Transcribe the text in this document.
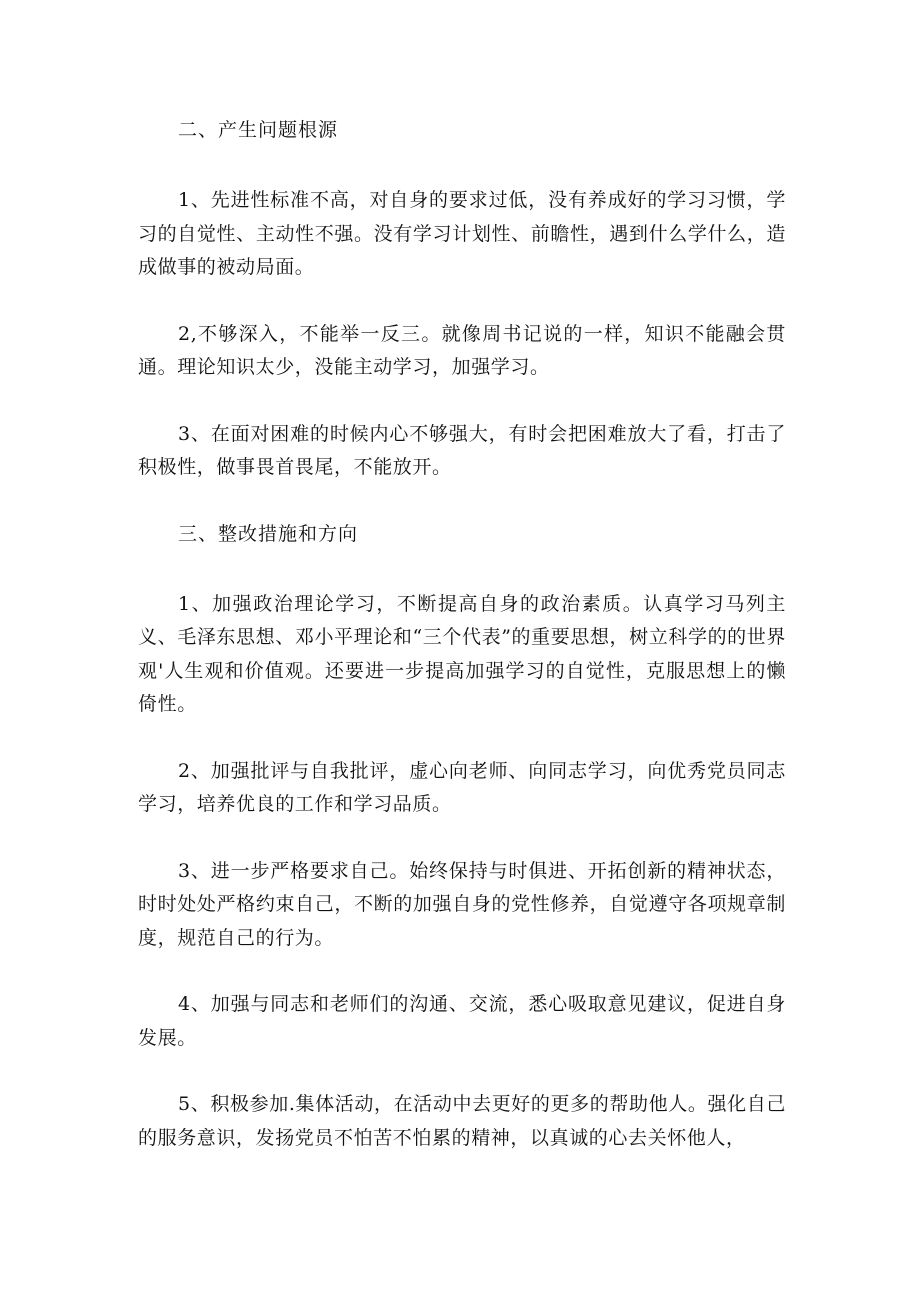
二、产生问题根源

1、先进性标准不高，对自身的要求过低，没有养成好的学习习惯，学习的自觉性、主动性不强。没有学习计划性、前瞻性，遇到什么学什么，造成做事的被动局面。

2,不够深入，不能举一反三。就像周书记说的一样，知识不能融会贯通。理论知识太少，没能主动学习，加强学习。

3、在面对困难的时候内心不够强大，有时会把困难放大了看，打击了积极性，做事畏首畏尾，不能放开。

三、整改措施和方向

1、加强政治理论学习，不断提高自身的政治素质。认真学习马列主义、毛泽东思想、邓小平理论和“三个代表”的重要思想，树立科学的的世界观'人生观和价值观。还要进一步提高加强学习的自觉性，克服思想上的懒倚性。

2、加强批评与自我批评，虚心向老师、向同志学习，向优秀党员同志学习，培养优良的工作和学习品质。

3、进一步严格要求自己。始终保持与时俱进、开拓创新的精神状态，时时处处严格约束自己，不断的加强自身的党性修养，自觉遵守各项规章制度，规范自己的行为。

4、加强与同志和老师们的沟通、交流，悉心吸取意见建议，促进自身发展。

5、积极参加.集体活动，在活动中去更好的更多的帮助他人。强化自己的服务意识，发扬党员不怕苦不怕累的精神，以真诚的心去关怀他人，
